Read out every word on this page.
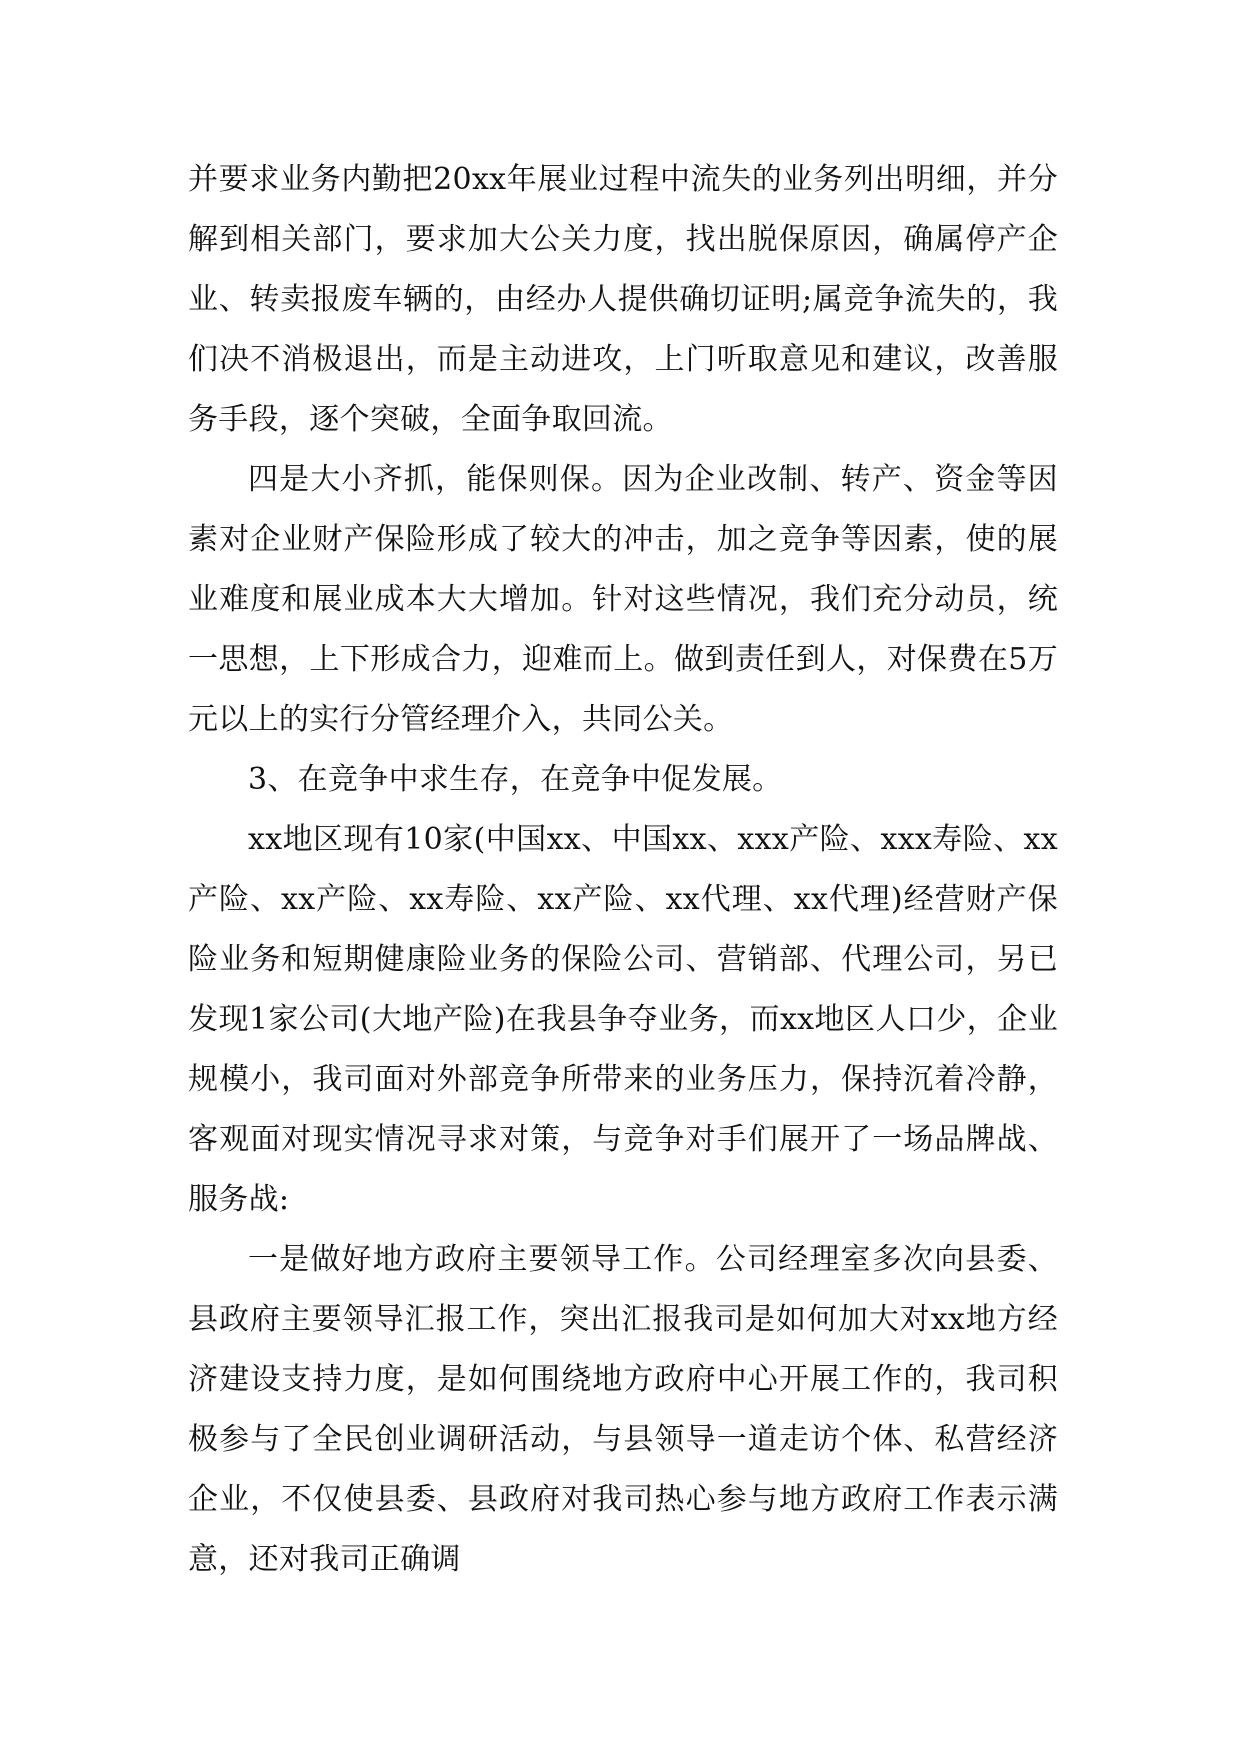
并要求业务内勤把20xx年展业过程中流失的业务列出明细，并分解到相关部门，要求加大公关力度，找出脱保原因，确属停产企业、转卖报废车辆的，由经办人提供确切证明;属竞争流失的，我们决不消极退出，而是主动进攻，上门听取意见和建议，改善服务手段，逐个突破，全面争取回流。

四是大小齐抓，能保则保。因为企业改制、转产、资金等因素对企业财产保险形成了较大的冲击，加之竞争等因素，使的展业难度和展业成本大大增加。针对这些情况，我们充分动员，统一思想，上下形成合力，迎难而上。做到责任到人，对保费在5万元以上的实行分管经理介入，共同公关。

3、在竞争中求生存，在竞争中促发展。

xx地区现有10家(中国xx、中国xx、xxx产险、xxx寿险、xx产险、xx产险、xx寿险、xx产险、xx代理、xx代理)经营财产保险业务和短期健康险业务的保险公司、营销部、代理公司，另已发现1家公司(大地产险)在我县争夺业务，而xx地区人口少，企业规模小，我司面对外部竞争所带来的业务压力，保持沉着冷静，客观面对现实情况寻求对策，与竞争对手们展开了一场品牌战、服务战:

一是做好地方政府主要领导工作。公司经理室多次向县委、县政府主要领导汇报工作，突出汇报我司是如何加大对xx地方经济建设支持力度，是如何围绕地方政府中心开展工作的，我司积极参与了全民创业调研活动，与县领导一道走访个体、私营经济企业，不仅使县委、县政府对我司热心参与地方政府工作表示满意，还对我司正确调
